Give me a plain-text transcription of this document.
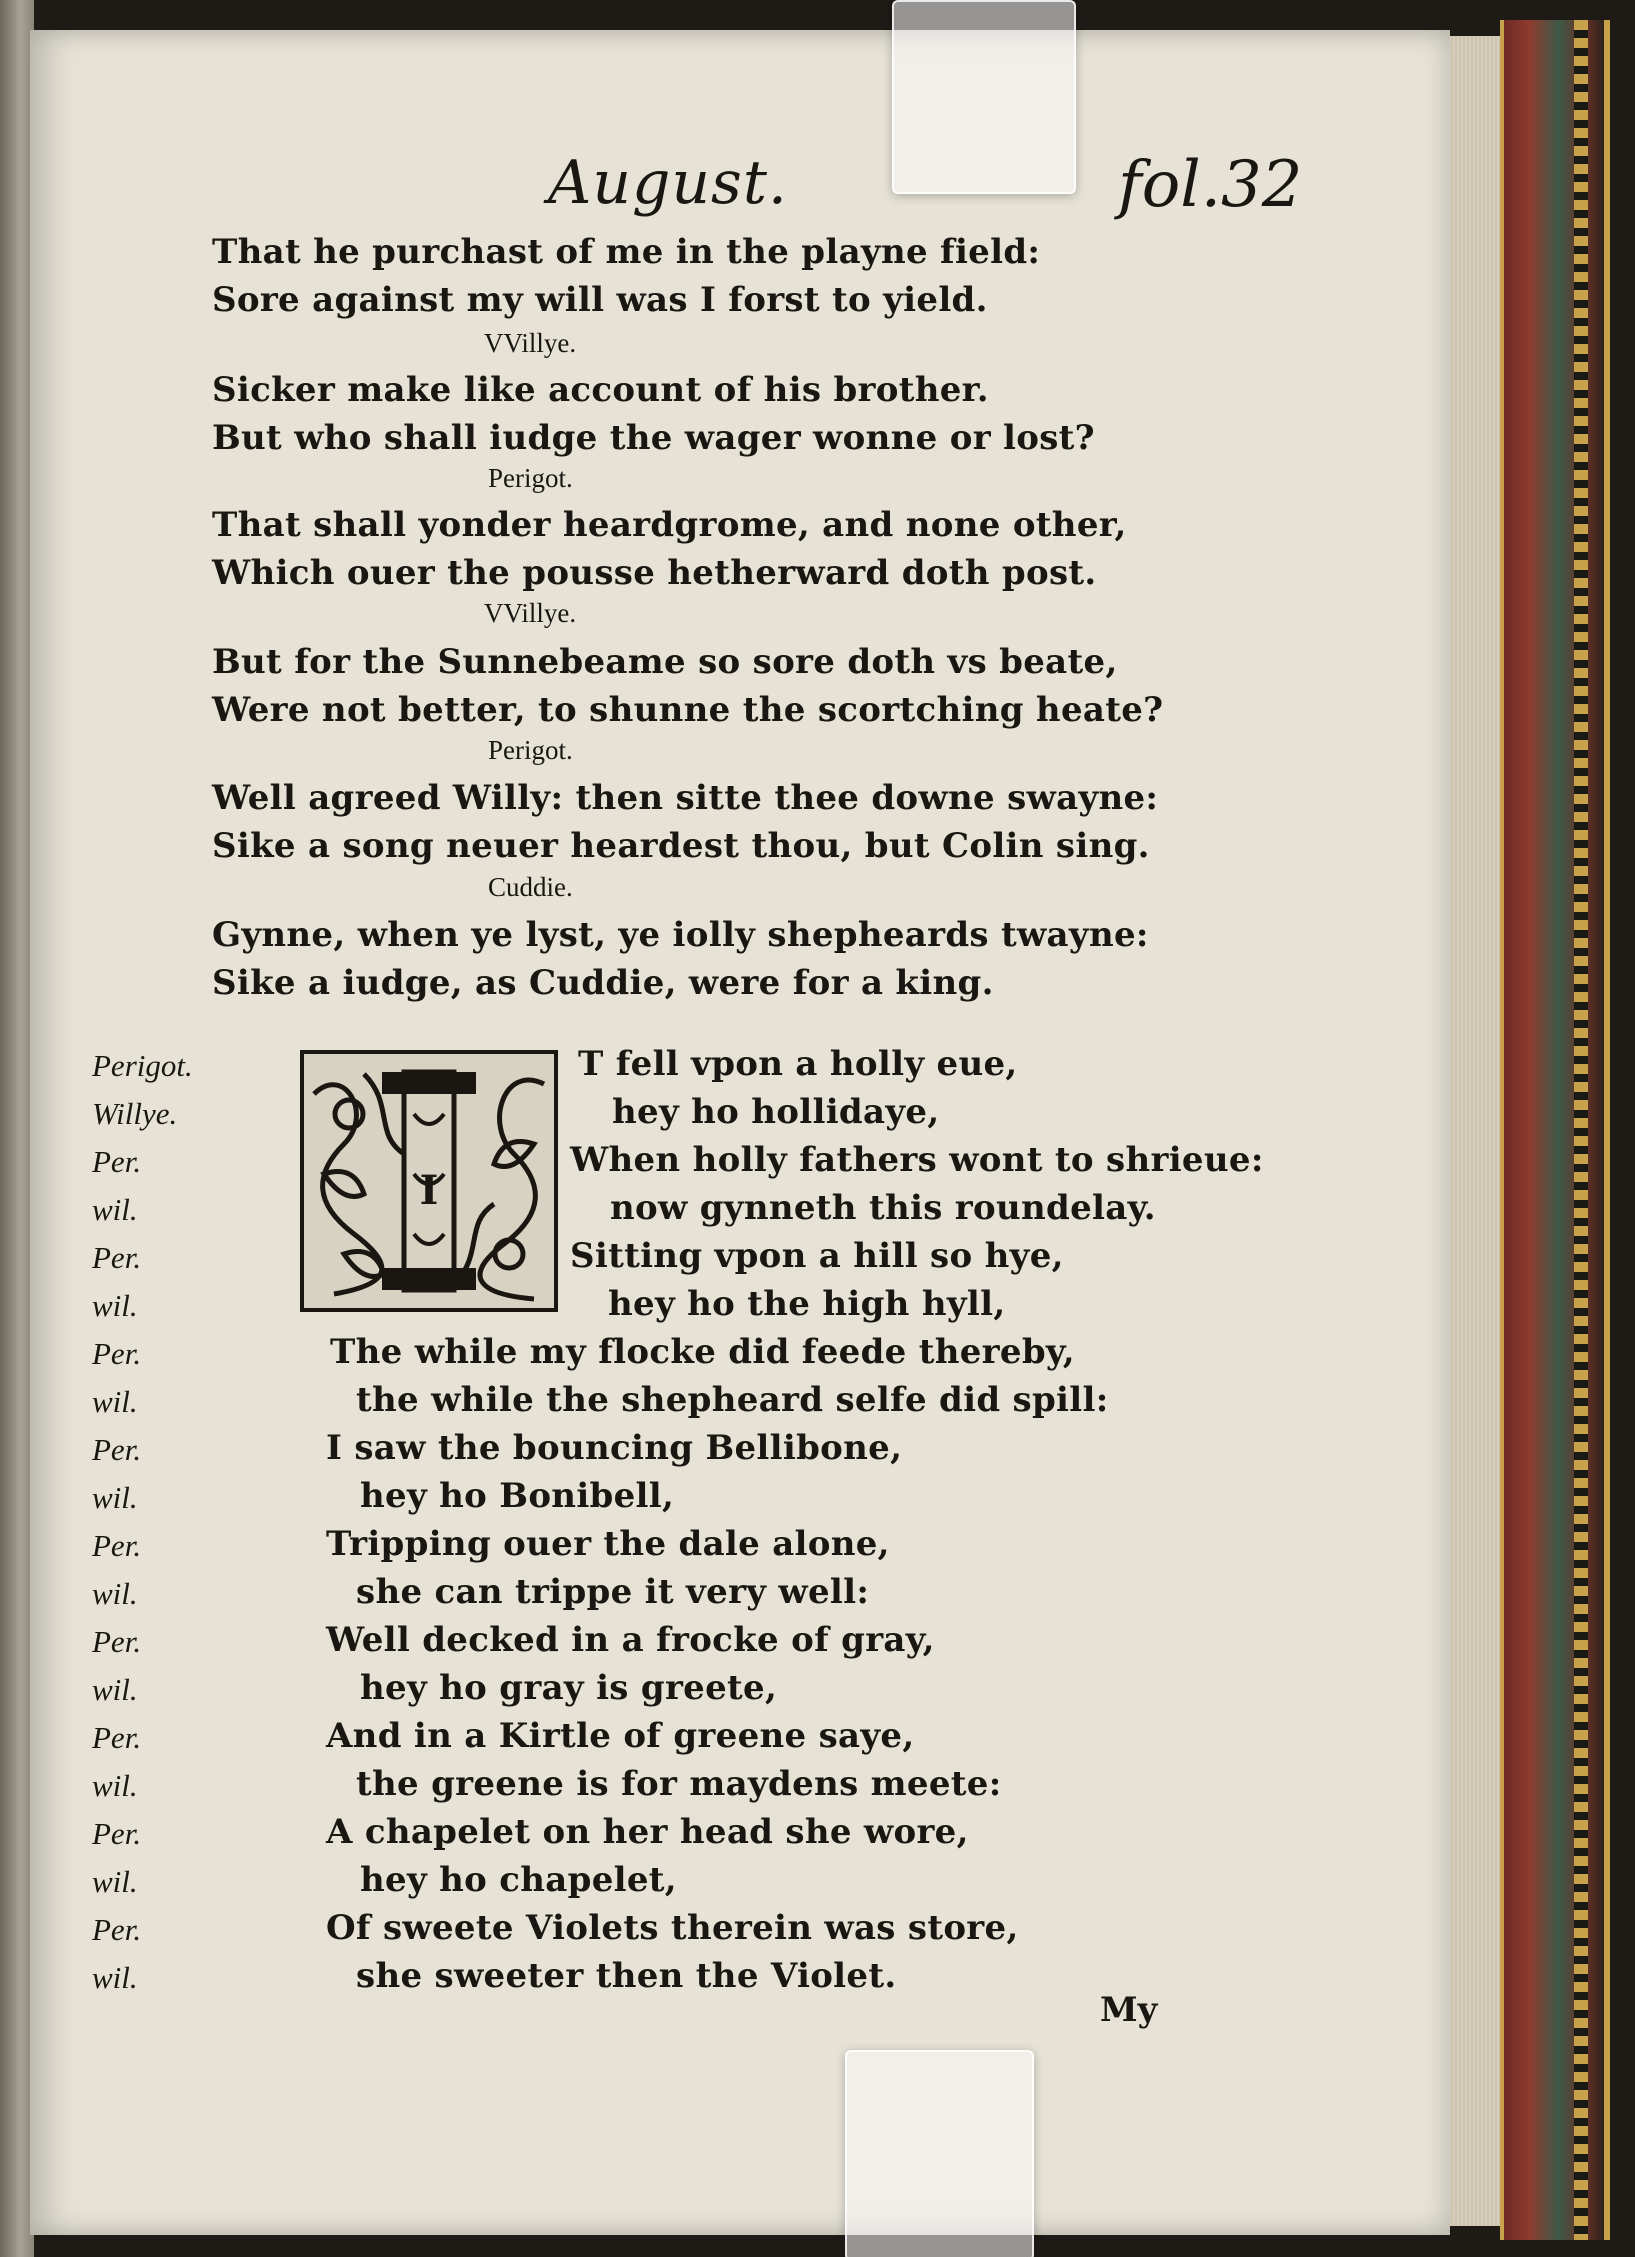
August.	fol.32
That he purchast of me in the playne field:
Sore against my will was I forst to yield.
VVillye.
Sicker make like account of his brother.
But who shall iudge the wager wonne or lost?
Perigot.
That shall yonder heardgrome, and none other,
Which ouer the pousse hetherward doth post.
VVillye.
But for the Sunnebeame so sore doth vs beate,
Were not better, to shunne the scortching heate?
Perigot.
Well agreed Willy: then sitte thee downe swayne:
Sike a song neuer heardest thou, but Colin sing.
Cuddie.
Gynne, when ye lyst, ye iolly shepheards twayne:
Sike a iudge, as Cuddie, were for a king.
I
Perigot.
Willye.
Per.
wil.
Per.
wil.
Per.
wil.
Per.
wil.
Per.
wil.
Per.
wil.
Per.
wil.
Per.
wil.
Per.
wil.
T fell vpon a holly eue,
hey ho hollidaye,
When holly fathers wont to shrieue:
now gynneth this roundelay.
Sitting vpon a hill so hye,
hey ho the high hyll,
The while my flocke did feede thereby,
the while the shepheard selfe did spill:
I saw the bouncing Bellibone,
hey ho Bonibell,
Tripping ouer the dale alone,
she can trippe it very well:
Well decked in a frocke of gray,
hey ho gray is greete,
And in a Kirtle of greene saye,
the greene is for maydens meete:
A chapelet on her head she wore,
hey ho chapelet,
Of sweete Violets therein was store,
she sweeter then the Violet.
My
